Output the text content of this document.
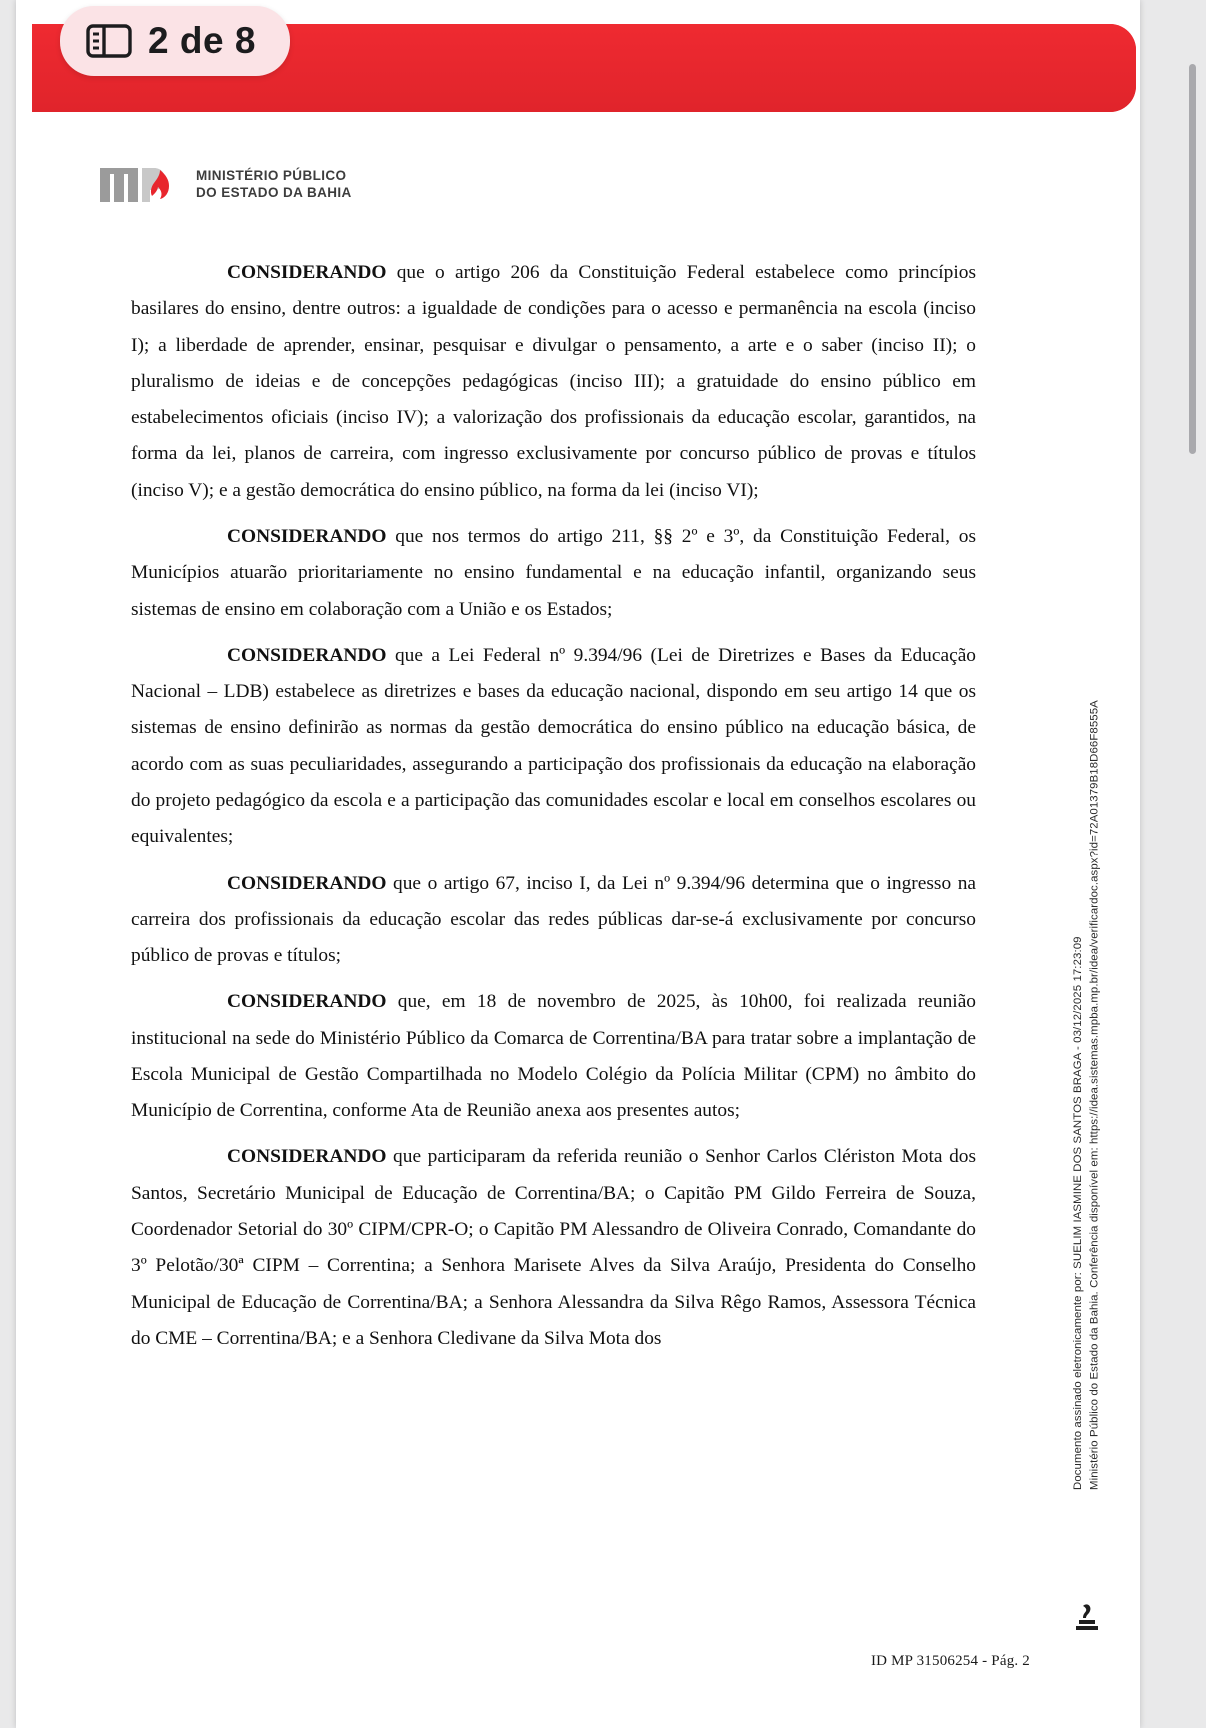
MINISTÉRIO PÚBLICO
DO ESTADO DA BAHIA

CONSIDERANDO que o artigo 206 da Constituição Federal estabelece como princípios basilares do ensino, dentre outros: a igualdade de condições para o acesso e permanência na escola (inciso I); a liberdade de aprender, ensinar, pesquisar e divulgar o pensamento, a arte e o saber (inciso II); o pluralismo de ideias e de concepções pedagógicas (inciso III); a gratuidade do ensino público em estabelecimentos oficiais (inciso IV); a valorização dos profissionais da educação escolar, garantidos, na forma da lei, planos de carreira, com ingresso exclusivamente por concurso público de provas e títulos (inciso V); e a gestão democrática do ensino público, na forma da lei (inciso VI);

CONSIDERANDO que nos termos do artigo 211, §§ 2º e 3º, da Constituição Federal, os Municípios atuarão prioritariamente no ensino fundamental e na educação infantil, organizando seus sistemas de ensino em colaboração com a União e os Estados;

CONSIDERANDO que a Lei Federal nº 9.394/96 (Lei de Diretrizes e Bases da Educação Nacional – LDB) estabelece as diretrizes e bases da educação nacional, dispondo em seu artigo 14 que os sistemas de ensino definirão as normas da gestão democrática do ensino público na educação básica, de acordo com as suas peculiaridades, assegurando a participação dos profissionais da educação na elaboração do projeto pedagógico da escola e a participação das comunidades escolar e local em conselhos escolares ou equivalentes;

CONSIDERANDO que o artigo 67, inciso I, da Lei nº 9.394/96 determina que o ingresso na carreira dos profissionais da educação escolar das redes públicas dar-se-á exclusivamente por concurso público de provas e títulos;

CONSIDERANDO que, em 18 de novembro de 2025, às 10h00, foi realizada reunião institucional na sede do Ministério Público da Comarca de Correntina/BA para tratar sobre a implantação de Escola Municipal de Gestão Compartilhada no Modelo Colégio da Polícia Militar (CPM) no âmbito do Município de Correntina, conforme Ata de Reunião anexa aos presentes autos;

CONSIDERANDO que participaram da referida reunião o Senhor Carlos Clériston Mota dos Santos, Secretário Municipal de Educação de Correntina/BA; o Capitão PM Gildo Ferreira de Souza, Coordenador Setorial do 30º CIPM/CPR-O; o Capitão PM Alessandro de Oliveira Conrado, Comandante do 3º Pelotão/30ª CIPM – Correntina; a Senhora Marisete Alves da Silva Araújo, Presidenta do Conselho Municipal de Educação de Correntina/BA; a Senhora Alessandra da Silva Rêgo Ramos, Assessora Técnica do CME – Correntina/BA; e a Senhora Cledivane da Silva Mota dos	Documento assinado eletronicamente por: SUELIM IASMINE DOS SANTOS BRAGA - 03/12/2025 17:23:09 Ministério Público do Estado da Bahia. Conferência disponível em: https://idea.sistemas.mpba.mp.br/idea/verificardoc.aspx?id=72A01379B18D66F8555A
ID MP 31506254 - Pág. 2
2 de 8
